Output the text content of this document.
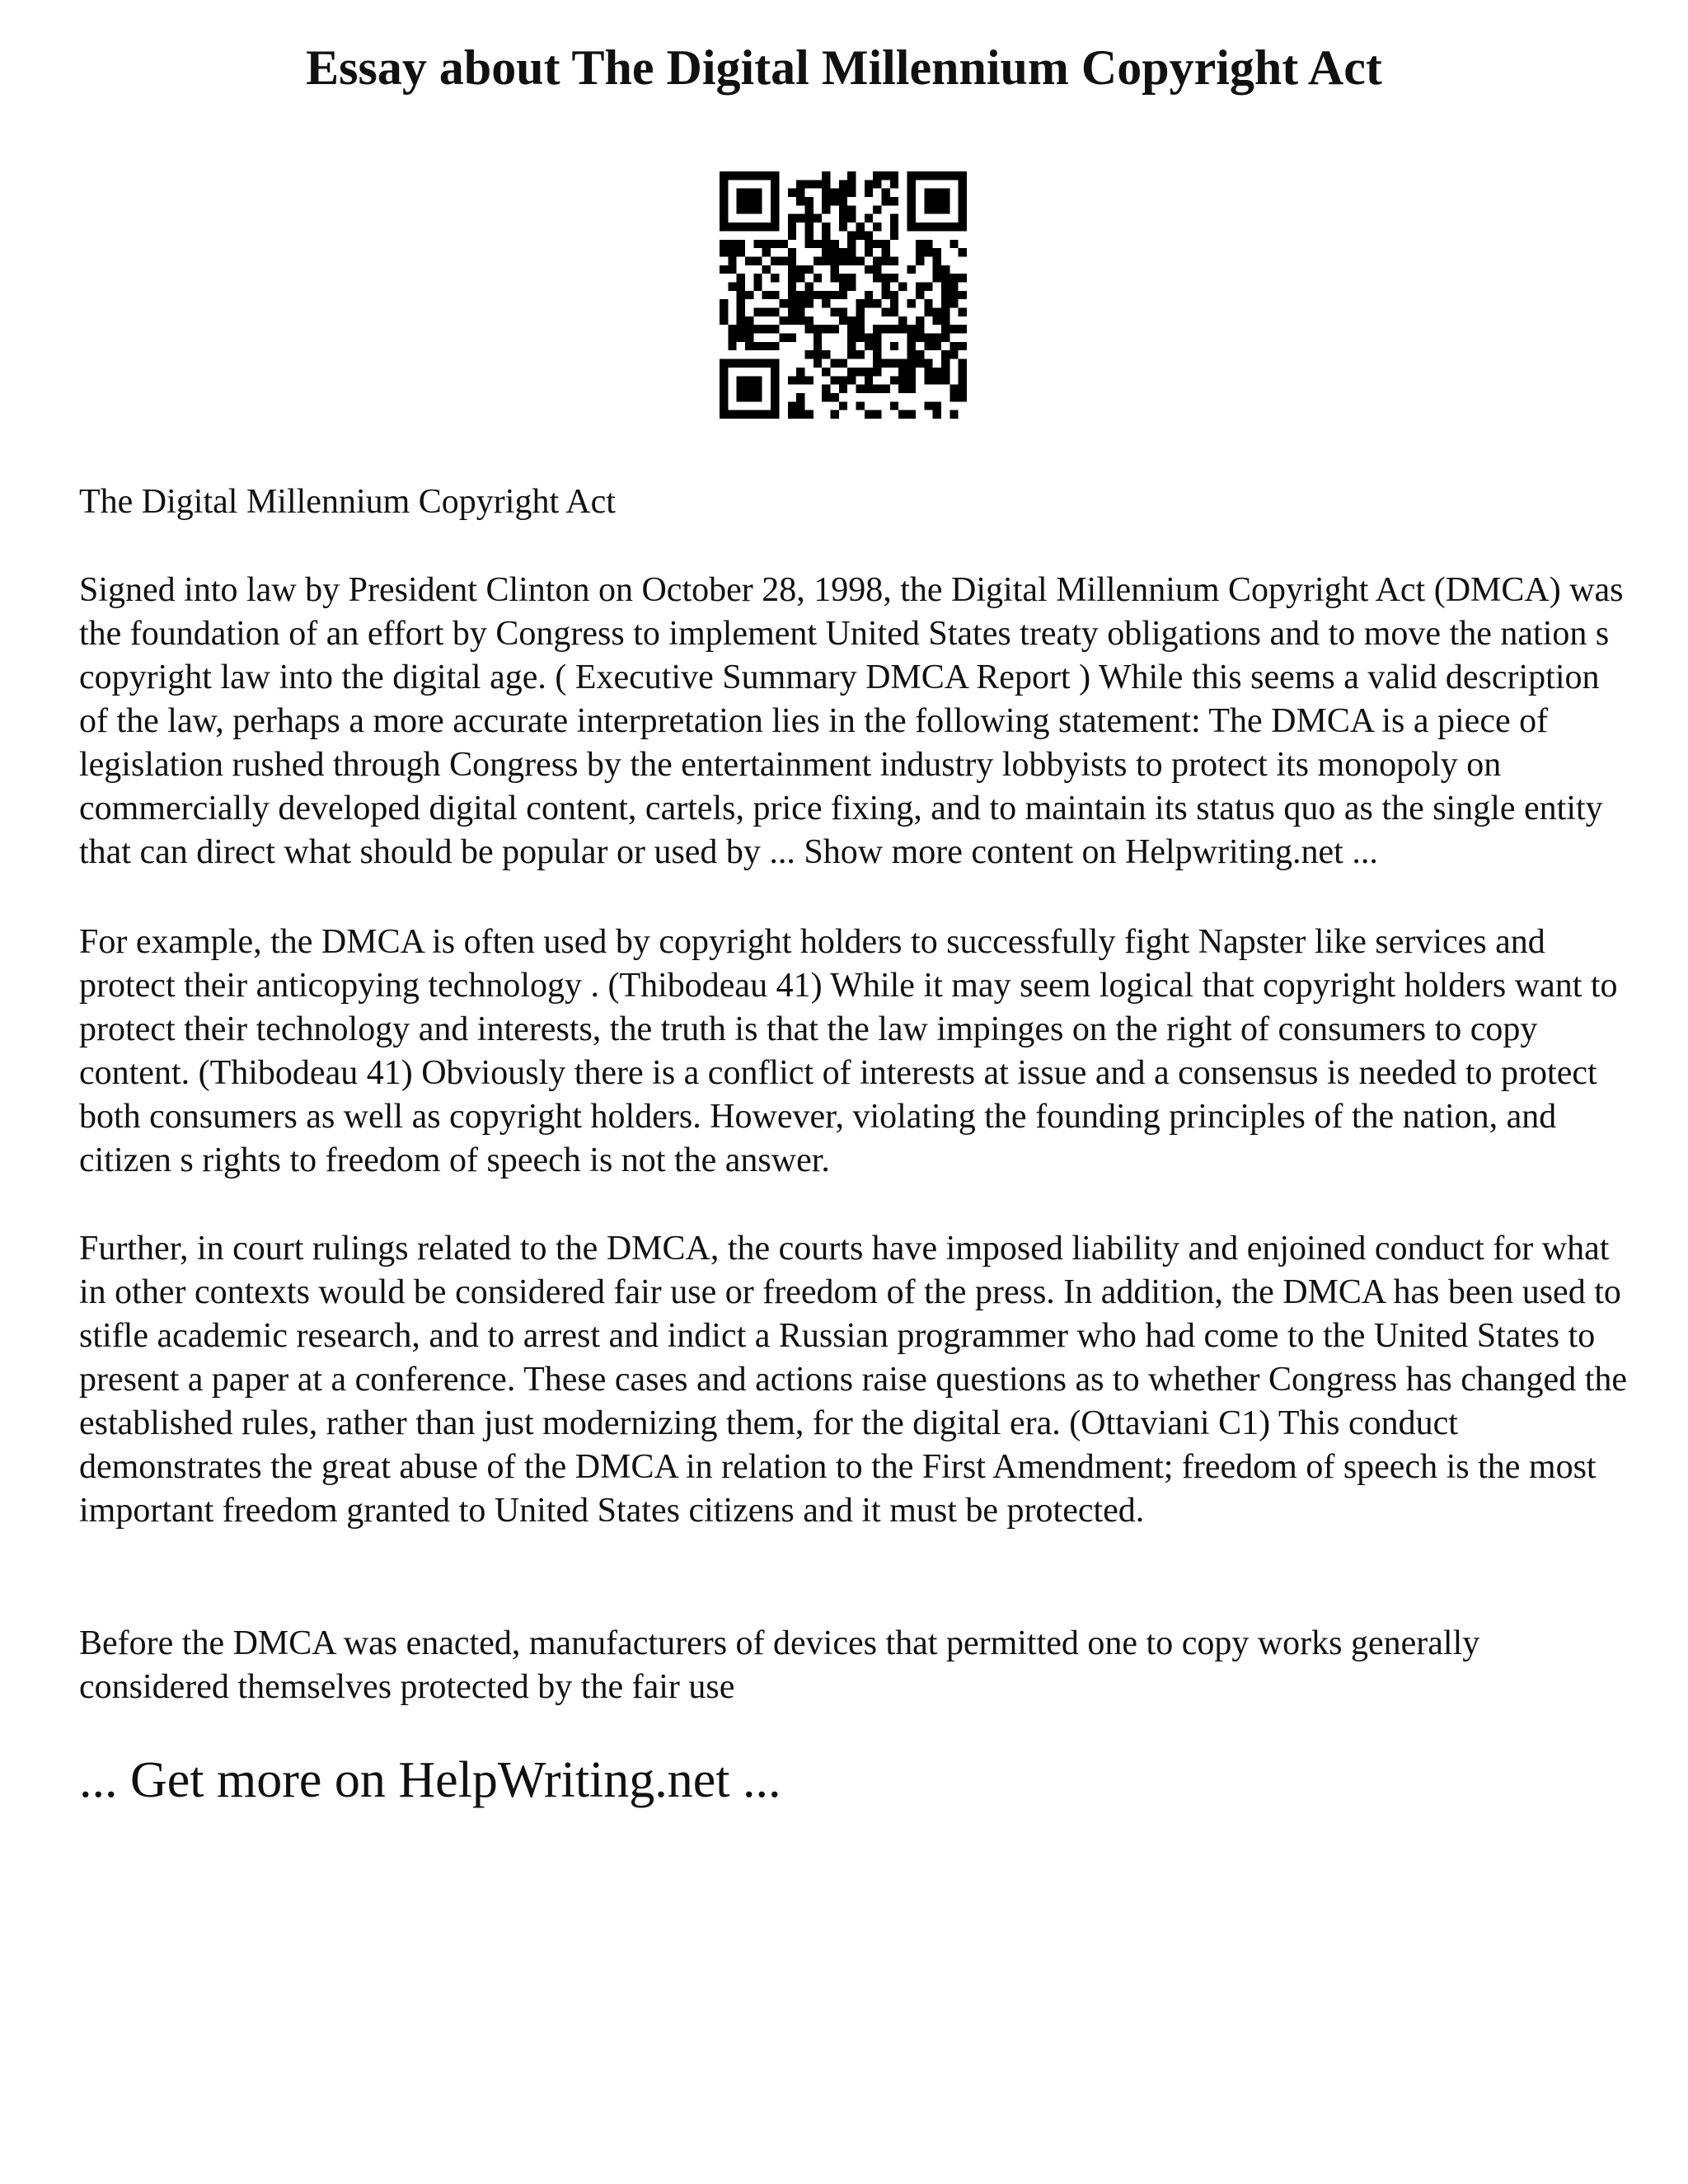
Essay about The Digital Millennium Copyright Act

The Digital Millennium Copyright Act

Signed into law by President Clinton on October 28, 1998, the Digital Millennium Copyright Act (DMCA) was the foundation of an effort by Congress to implement United States treaty obligations and to move the nation s copyright law into the digital age. ( Executive Summary DMCA Report ) While this seems a valid description of the law, perhaps a more accurate interpretation lies in the following statement: The DMCA is a piece of legislation rushed through Congress by the entertainment industry lobbyists to protect its monopoly on commercially developed digital content, cartels, price fixing, and to maintain its status quo as the single entity that can direct what should be popular or used by ... Show more content on Helpwriting.net ...

For example, the DMCA is often used by copyright holders to successfully fight Napster like services and protect their anticopying technology . (Thibodeau 41) While it may seem logical that copyright holders want to protect their technology and interests, the truth is that the law impinges on the right of consumers to copy content. (Thibodeau 41) Obviously there is a conflict of interests at issue and a consensus is needed to protect both consumers as well as copyright holders. However, violating the founding principles of the nation, and citizen s rights to freedom of speech is not the answer.

Further, in court rulings related to the DMCA, the courts have imposed liability and enjoined conduct for what in other contexts would be considered fair use or freedom of the press. In addition, the DMCA has been used to stifle academic research, and to arrest and indict a Russian programmer who had come to the United States to present a paper at a conference. These cases and actions raise questions as to whether Congress has changed the established rules, rather than just modernizing them, for the digital era. (Ottaviani C1) This conduct demonstrates the great abuse of the DMCA in relation to the First Amendment; freedom of speech is the most important freedom granted to United States citizens and it must be protected.

Before the DMCA was enacted, manufacturers of devices that permitted one to copy works generally considered themselves protected by the fair use

... Get more on HelpWriting.net ...
